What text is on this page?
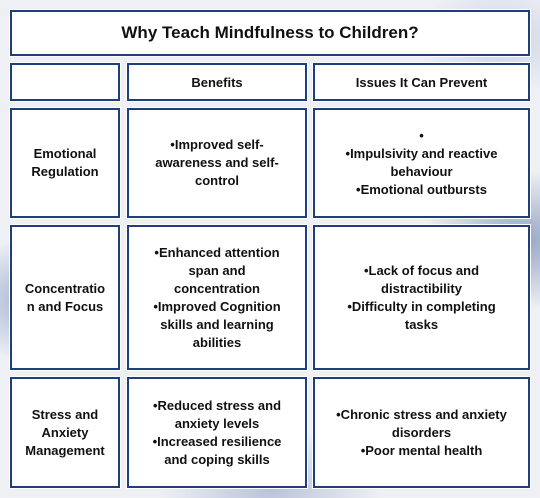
Why Teach Mindfulness to Children?
Benefits	Issues It Can Prevent
Emotional
Regulation
•Improved self-
awareness and self-
control
•
•Impulsivity and reactive
behaviour
•Emotional outbursts
Concentratio
n and Focus
•Enhanced attention
span and
concentration
•Improved Cognition
skills and learning
abilities
•Lack of focus and
distractibility
•Difficulty in completing
tasks
Stress and
Anxiety
Management
•Reduced stress and
anxiety levels
•Increased resilience
and coping skills
•Chronic stress and anxiety
disorders
•Poor mental health
